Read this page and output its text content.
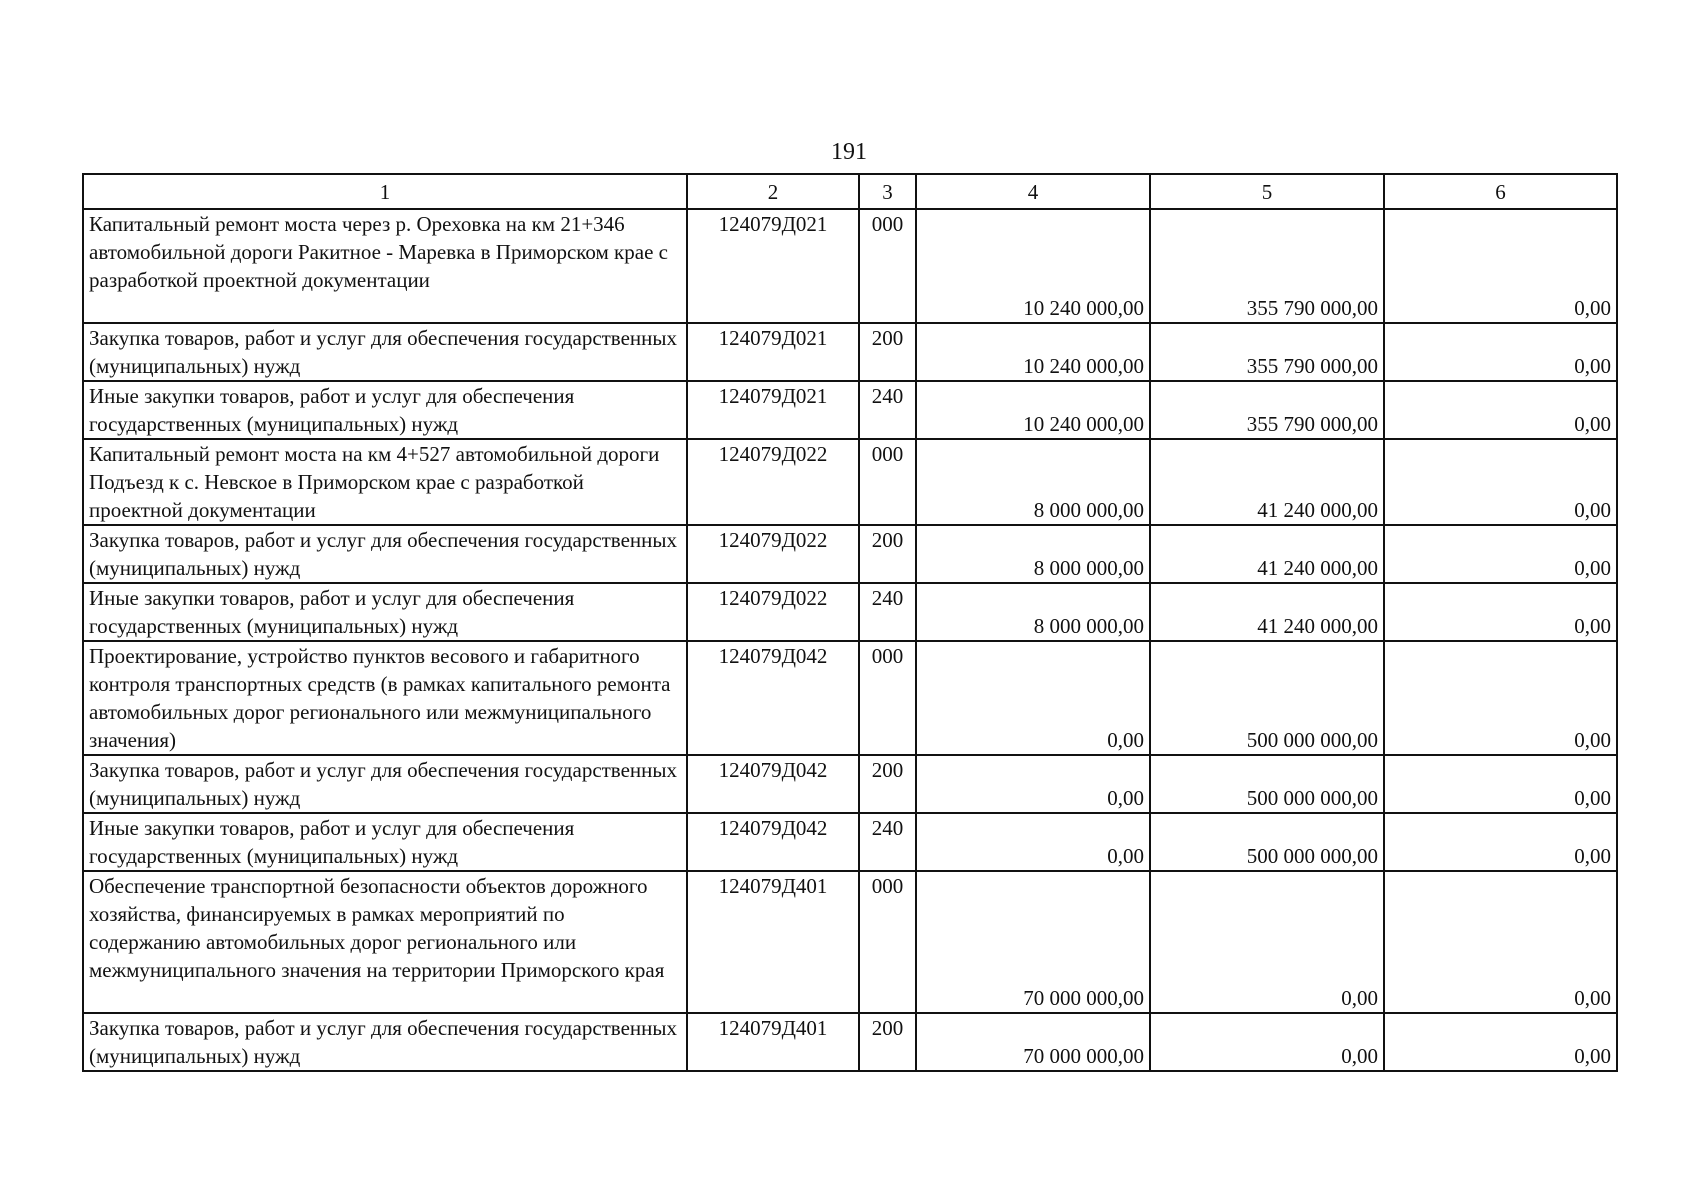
191
1	2	3	4	5	6
Капитальный ремонт моста через р. Ореховка на км 21+346 автомобильной дороги Ракитное - Маревка в Приморском крае с разработкой проектной документации	124079Д021	000	10 240 000,00	355 790 000,00	0,00
Закупка товаров, работ и услуг для обеспечения государственных (муниципальных) нужд	124079Д021	200	10 240 000,00	355 790 000,00	0,00
Иные закупки товаров, работ и услуг для обеспечения государственных (муниципальных) нужд	124079Д021	240	10 240 000,00	355 790 000,00	0,00
Капитальный ремонт моста на км 4+527 автомобильной дороги Подъезд к с. Невское в Приморском крае с разработкой проектной документации	124079Д022	000	8 000 000,00	41 240 000,00	0,00
Закупка товаров, работ и услуг для обеспечения государственных (муниципальных) нужд	124079Д022	200	8 000 000,00	41 240 000,00	0,00
Иные закупки товаров, работ и услуг для обеспечения государственных (муниципальных) нужд	124079Д022	240	8 000 000,00	41 240 000,00	0,00
Проектирование, устройство пунктов весового и габаритного контроля транспортных средств (в рамках капитального ремонта автомобильных дорог регионального или межмуниципального значения)	124079Д042	000	0,00	500 000 000,00	0,00
Закупка товаров, работ и услуг для обеспечения государственных (муниципальных) нужд	124079Д042	200	0,00	500 000 000,00	0,00
Иные закупки товаров, работ и услуг для обеспечения государственных (муниципальных) нужд	124079Д042	240	0,00	500 000 000,00	0,00
Обеспечение транспортной безопасности объектов дорожного хозяйства, финансируемых в рамках мероприятий по содержанию автомобильных дорог регионального или межмуниципального значения на территории Приморского края	124079Д401	000	70 000 000,00	0,00	0,00
Закупка товаров, работ и услуг для обеспечения государственных (муниципальных) нужд	124079Д401	200	70 000 000,00	0,00	0,00
